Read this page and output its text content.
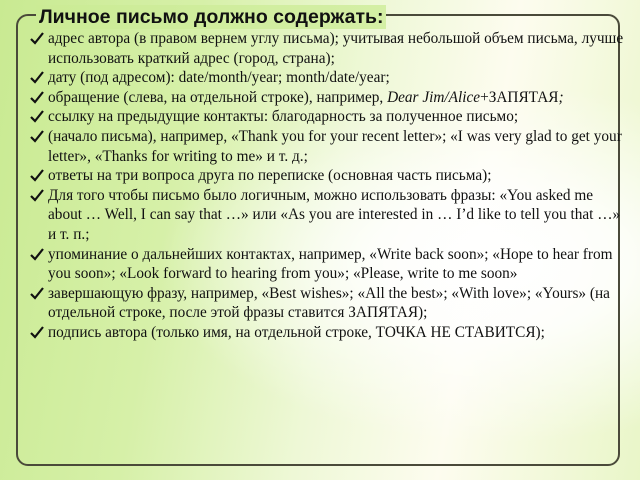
Личное письмо должно содержать:
адрес автора (в правом вернем углу письма); учитывая небольшой объем письма, лучше использовать краткий адрес (город, страна);
дату (под адресом): date/month/year; month/date/year;
обращение (слева, на отдельной строке), например, Dear Jim/Alice+ЗАПЯТАЯ;
ссылку на предыдущие контакты: благодарность за полученное письмо;
(начало письма), например, «Thank you for your recent letter»; «I was very glad to get your letter», «Thanks for writing to me» и т. д.;
ответы на три вопроса друга по переписке (основная часть письма);
Для того чтобы письмо было логичным, можно использовать фразы: «You asked me about … Well, I can say that …» или «As you are interested in … I’d like to tell you that …» и т. п.;
упоминание о дальнейших контактах, например, «Write back soon»; «Hope to hear from you soon»; «Look forward to hearing from you»; «Please, write to me soon»
завершающую фразу, например, «Best wishes»; «All the best»; «With love»; «Yours» (на отдельной строке, после этой фразы ставится ЗАПЯТАЯ);
подпись автора (только имя, на отдельной строке, ТОЧКА НЕ СТАВИТСЯ);
